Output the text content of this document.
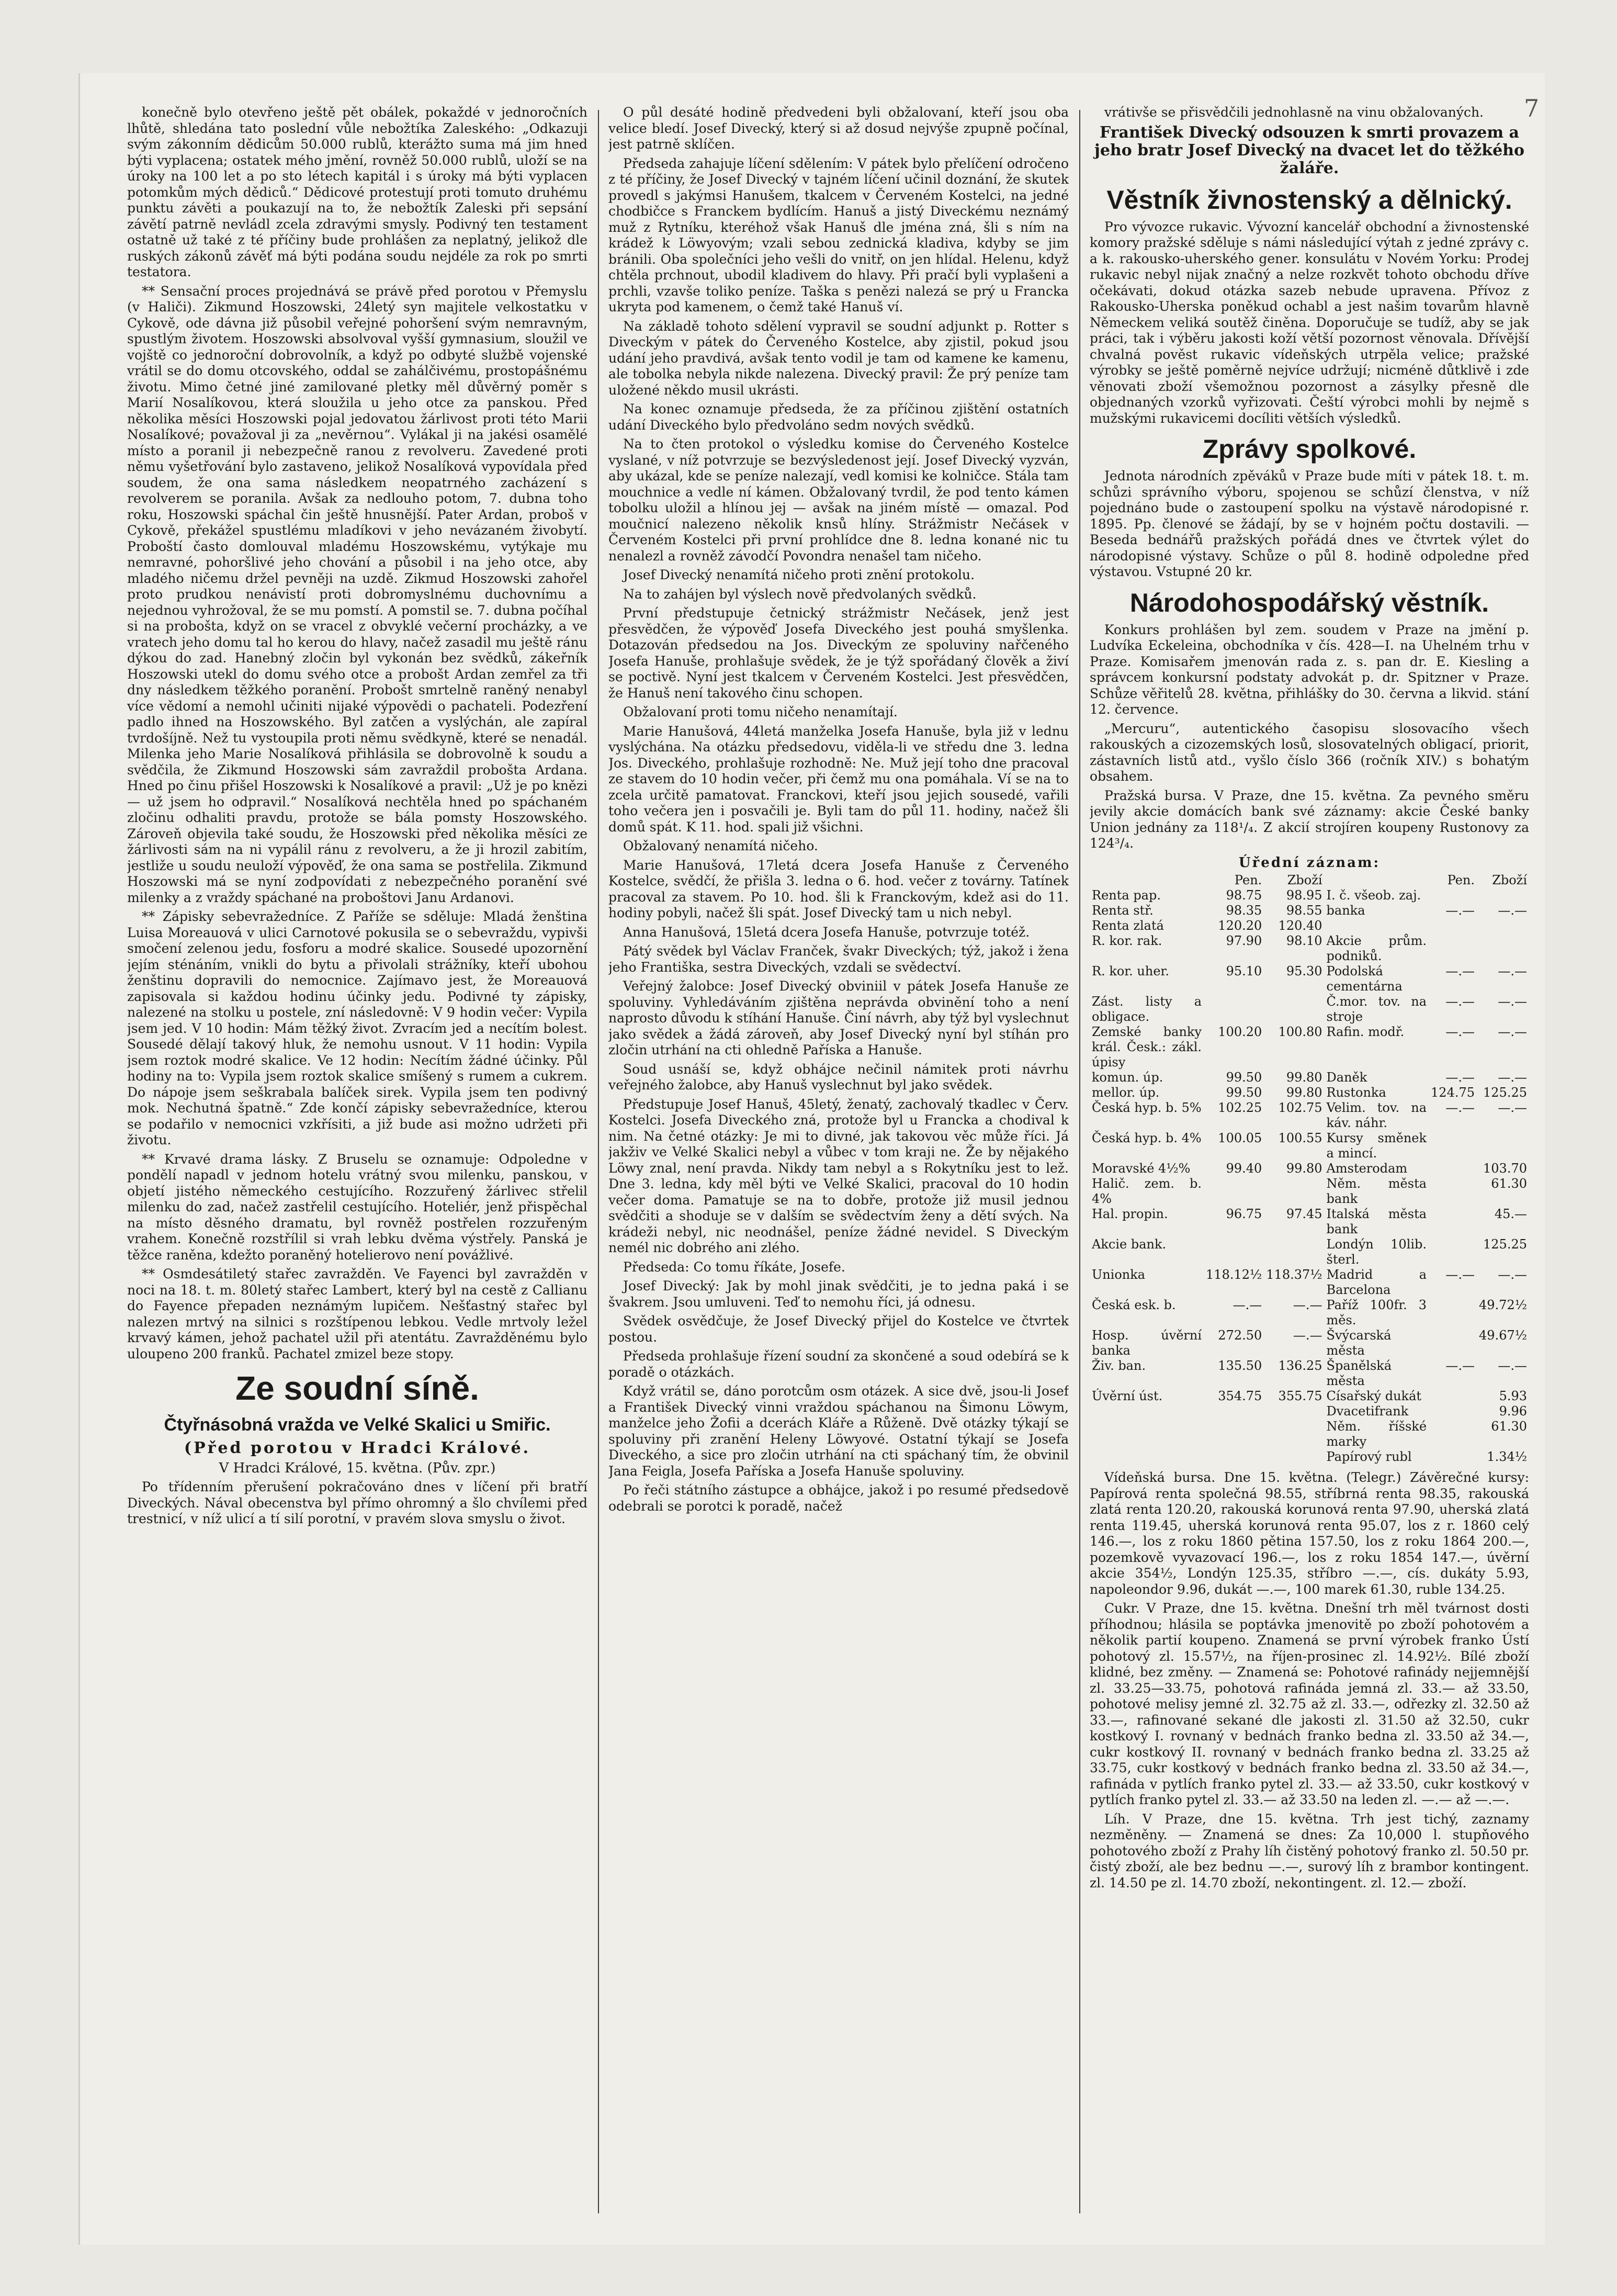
7

konečně bylo otevřeno ještě pět obálek, pokaždé v jednoročních lhůtě, shledána tato poslední vůle nebožtíka Zaleského: „Odkazuji svým zákonním dědicům 50.000 rublů, kterážto suma má jim hned býti vyplacena; ostatek mého jmění, rovněž 50.000 rublů, uloží se na úroky na 100 let a po sto létech kapitál i s úroky má býti vyplacen potomkům mých dědiců.“ Dědicové protestují proti tomuto druhému punktu závěti a poukazují na to, že nebožtík Zaleski při sepsání závětí patrně nevládl zcela zdravými smysly. Podivný ten testament ostatně už také z té příčiny bude prohlášen za neplatný, jelikož dle ruských zákonů závěť má býti podána soudu nejdéle za rok po smrti testatora.

** Sensační proces projednává se právě před porotou v Přemyslu (v Haliči). Zikmund Hoszowski, 24letý syn majitele velkostatku v Cykově, ode dávna již působil veřejné pohoršení svým nemravným, spustlým životem. Hoszowski absolvoval vyšší gymnasium, sloužil ve vojště co jednoroční dobrovolník, a když po odbyté službě vojenské vrátil se do domu otcovského, oddal se zahálčivému, prostopášnému životu. Mimo četné jiné zamilované pletky měl důvěrný poměr s Marií Nosalíkovou, která sloužila u jeho otce za panskou. Před několika měsíci Hoszowski pojal jedovatou žárlivost proti této Marii Nosalíkové; považoval ji za „nevěrnou“. Vylákal ji na jakési osamělé místo a poranil ji nebezpečně ranou z revolveru. Zavedené proti němu vyšetřování bylo zastaveno, jelikož Nosalíková vypovídala před soudem, že ona sama následkem neopatrného zacházení s revolverem se poranila. Avšak za nedlouho potom, 7. dubna toho roku, Hoszowski spáchal čin ještě hnusnější. Pater Ardan, proboš v Cykově, překážel spustlému mladíkovi v jeho nevázaném živobytí. Proboští často domlouval mladému Hoszowskému, vytýkaje mu nemravné, pohoršlivé jeho chování a působil i na jeho otce, aby mladého ničemu držel pevněji na uzdě. Zikmud Hoszowski zahořel proto prudkou nenávistí proti dobromyslnému duchovnímu a nejednou vyhrožoval, že se mu pomstí. A pomstil se. 7. dubna počíhal si na probošta, když on se vracel z obvyklé večerní procházky, a ve vratech jeho domu tal ho kerou do hlavy, načež zasadil mu ještě ránu dýkou do zad. Hanebný zločin byl vykonán bez svědků, zákeřník Hoszowski utekl do domu svého otce a probošt Ardan zemřel za tři dny následkem těžkého poranění. Probošt smrtelně raněný nenabyl více vědomí a nemohl učiniti nijaké výpovědi o pachateli. Podezření padlo ihned na Hoszowského. Byl zatčen a vyslýchán, ale zapíral tvrdošíjně. Než tu vystoupila proti němu svědkyně, které se nenadál. Milenka jeho Marie Nosalíková přihlásila se dobrovolně k soudu a svědčila, že Zikmund Hoszowski sám zavraždil probošta Ardana. Hned po činu přišel Hoszowski k Nosalíkové a pravil: „Už je po knězi — už jsem ho odpravil.“ Nosalíková nechtěla hned po spáchaném zločinu odhaliti pravdu, protože se bála pomsty Hoszowského. Zároveň objevila také soudu, že Hoszowski před několika měsíci ze žárlivosti sám na ni vypálil ránu z revolveru, a že ji hrozil zabitím, jestliže u soudu neuloží výpověď, že ona sama se postřelila. Zikmund Hoszowski má se nyní zodpovídati z nebezpečného poranění své milenky a z vraždy spáchané na proboštovi Janu Ardanovi.

** Zápisky sebevražedníce. Z Paříže se sděluje: Mladá ženština Luisa Moreauová v ulici Carnotové pokusila se o sebevraždu, vypivši smočení zelenou jedu, fosforu a modré skalice. Sousedé upozornění jejím sténáním, vnikli do bytu a přivolali strážníky, kteří ubohou ženštinu dopravili do nemocnice. Zajímavo jest, že Moreauová zapisovala si každou hodinu účinky jedu. Podivné ty zápisky, nalezené na stolku u postele, zní následovně: V 9 hodin večer: Vypila jsem jed. V 10 hodin: Mám těžký život. Zvracím jed a necítím bolest. Sousedé dělají takový hluk, že nemohu usnout. V 11 hodin: Vypila jsem roztok modré skalice. Ve 12 hodin: Necítím žádné účinky. Půl hodiny na to: Vypila jsem roztok skalice smíšený s rumem a cukrem. Do nápoje jsem seškrabala balíček sirek. Vypila jsem ten podivný mok. Nechutná špatně.“ Zde končí zápisky sebevražedníce, kterou se podařilo v nemocnici vzkřísiti, a již bude asi možno udržeti při životu.

** Krvavé drama lásky. Z Bruselu se oznamuje: Odpoledne v pondělí napadl v jednom hotelu vrátný svou milenku, panskou, v objetí jistého německého cestujícího. Rozzuřený žárlivec střelil milenku do zad, načež zastřelil cestujícího. Hoteliér, jenž přispěchal na místo děsného dramatu, byl rovněž postřelen rozzuřeným vrahem. Konečně rozstřílil si vrah lebku dvěma výstřely. Panská je těžce raněna, kdežto poraněný hotelierovo není povážlivé.

** Osmdesátiletý stařec zavražděn. Ve Fayenci byl zavražděn v noci na 18. t. m. 80letý stařec Lambert, který byl na cestě z Callianu do Fayence přepaden neznámým lupičem. Nešťastný stařec byl nalezen mrtvý na silnici s rozštípenou lebkou. Vedle mrtvoly ležel krvavý kámen, jehož pachatel užil při atentátu. Zavražděnému bylo uloupeno 200 franků. Pachatel zmizel beze stopy.

Ze soudní síně.
Čtyřnásobná vražda ve Velké Skalici u Smiřic.
(Před porotou v Hradci Králové.
V Hradci Králové, 15. května. (Pův. zpr.)

Po třídenním přerušení pokračováno dnes v líčení při bratří Diveckých. Nával obecenstva byl přímo ohromný a šlo chvílemi před trestnicí, v níž ulicí a tí silí porotní, v pravém slova smyslu o život.

O půl desáté hodině předvedeni byli obžalovaní, kteří jsou oba velice bledí. Josef Divecký, který si až dosud nejvýše zpupně počínal, jest patrně sklíčen.

Předseda zahajuje líčení sdělením: V pátek bylo přelíčení odročeno z té příčiny, že Josef Divecký v tajném líčení učinil doznání, že skutek provedl s jakýmsi Hanušem, tkalcem v Červeném Kostelci, na jedné chodbičce s Franckem bydlícím. Hanuš a jistý Diveckému neznámý muž z Rytníku, kteréhož však Hanuš dle jména zná, šli s ním na krádež k Löwyovým; vzali sebou zednická kladiva, kdyby se jim bránili. Oba společníci jeho vešli do vnitř, on jen hlídal. Helenu, když chtěla prchnout, ubodil kladivem do hlavy. Při pračí byli vyplašeni a prchli, vzavše toliko peníze. Taška s penězi nalezá se prý u Francka ukryta pod kamenem, o čemž také Hanuš ví.

Na základě tohoto sdělení vypravil se soudní adjunkt p. Rotter s Diveckým v pátek do Červeného Kostelce, aby zjistil, pokud jsou udání jeho pravdivá, avšak tento vodil je tam od kamene ke kamenu, ale tobolka nebyla nikde nalezena. Divecký pravil: Že prý peníze tam uložené někdo musil ukrásti.

Na konec oznamuje předseda, že za příčinou zjištění ostatních udání Diveckého bylo předvoláno sedm nových svědků.

Na to čten protokol o výsledku komise do Červeného Kostelce vyslané, v níž potvrzuje se bezvýsledenost její. Josef Divecký vyzván, aby ukázal, kde se peníze nalezají, vedl komisi ke kolničce. Stála tam mouchnice a vedle ní kámen. Obžalovaný tvrdil, že pod tento kámen tobolku uložil a hlínou jej — avšak na jiném místě — omazal. Pod moučnicí nalezeno několik knsů hlíny. Strážmistr Nečásek v Červeném Kostelci při první prohlídce dne 8. ledna konané nic tu nenalezl a rovněž závodčí Povondra nenašel tam ničeho.

Josef Divecký nenamítá ničeho proti znění protokolu.

Na to zahájen byl výslech nově předvolaných svědků.

První předstupuje četnický strážmistr Nečásek, jenž jest přesvědčen, že výpověď Josefa Diveckého jest pouhá smyšlenka. Dotazován předsedou na Jos. Diveckým ze spoluviny nařčeného Josefa Hanuše, prohlašuje svědek, že je týž spořádaný člověk a živí se poctivě. Nyní jest tkalcem v Červeném Kostelci. Jest přesvědčen, že Hanuš není takového činu schopen.

Obžalovaní proti tomu ničeho nenamítají.

Marie Hanušová, 44letá manželka Josefa Hanuše, byla již v lednu vyslýchána. Na otázku předsedovu, viděla-li ve středu dne 3. ledna Jos. Diveckého, prohlašuje rozhodně: Ne. Muž její toho dne pracoval ze stavem do 10 hodin večer, při čemž mu ona pomáhala. Ví se na to zcela určitě pamatovat. Franckovi, kteří jsou jejich sousedé, vařili toho večera jen i posvačili je. Byli tam do půl 11. hodiny, načež šli domů spát. K 11. hod. spali již všichni.

Obžalovaný nenamítá ničeho.

Marie Hanušová, 17letá dcera Josefa Hanuše z Červeného Kostelce, svědčí, že přišla 3. ledna o 6. hod. večer z továrny. Tatínek pracoval za stavem. Po 10. hod. šli k Franckovým, kdež asi do 11. hodiny pobyli, načež šli spát. Josef Divecký tam u nich nebyl.

Anna Hanušová, 15letá dcera Josefa Hanuše, potvrzuje totéž.

Pátý svědek byl Václav Franček, švakr Diveckých; týž, jakož i žena jeho Františka, sestra Diveckých, vzdali se svědectví.

Veřejný žalobce: Josef Divecký obviniil v pátek Josefa Hanuše ze spoluviny. Vyhledáváním zjištěna neprávda obvinění toho a není naprosto důvodu k stíhání Hanuše. Činí návrh, aby týž byl vyslechnut jako svědek a žádá zároveň, aby Josef Divecký nyní byl stíhán pro zločin utrhání na cti ohledně Paříska a Hanuše.

Soud usnáší se, když obhájce nečinil námitek proti návrhu veřejného žalobce, aby Hanuš vyslechnut byl jako svědek.

Předstupuje Josef Hanuš, 45letý, ženatý, zachovalý tkadlec v Červ. Kostelci. Josefa Diveckého zná, protože byl u Francka a chodival k nim. Na četné otázky: Je mi to divné, jak takovou věc může říci. Já jakživ ve Velké Skalici nebyl a vůbec v tom kraji ne. Že by nějakého Löwy znal, není pravda. Nikdy tam nebyl a s Rokytníku jest to lež. Dne 3. ledna, kdy měl býti ve Velké Skalici, pracoval do 10 hodin večer doma. Pamatuje se na to dobře, protože již musil jednou svědčiti a shoduje se v dalším se svědectvím ženy a dětí svých. Na krádeži nebyl, nic neodnášel, peníze žádné nevidel. S Diveckým nemél nic dobrého ani zlého.

Předseda: Co tomu říkáte, Josefe.

Josef Divecký: Jak by mohl jinak svědčiti, je to jedna paká i se švakrem. Jsou umluveni. Teď to nemohu říci, já odnesu.

Svědek osvědčuje, že Josef Divecký přijel do Kostelce ve čtvrtek postou.

Předseda prohlašuje řízení soudní za skončené a soud odebírá se k poradě o otázkách.

Když vrátil se, dáno porotcům osm otázek. A sice dvě, jsou-li Josef a František Divecký vinni vraždou spáchanou na Šimonu Löwym, manželce jeho Žofii a dcerách Kláře a Růženě. Dvě otázky týkají se spoluviny při zranění Heleny Löwyové. Ostatní týkají se Josefa Diveckého, a sice pro zločin utrhání na cti spáchaný tím, že obvinil Jana Feigla, Josefa Paříska a Josefa Hanuše spoluviny.

Po řeči státního zástupce a obhájce, jakož i po resumé předsedově odebrali se porotci k poradě, načež

vrátivše se přisvědčili jednohlasně na vinu obžalovaných.

František Divecký odsouzen k smrti provazem a jeho bratr Josef Divecký na dvacet let do těžkého žaláře.
Věstník živnostenský a dělnický.

Pro vývozce rukavic. Vývozní kancelář obchodní a živnostenské komory pražské sděluje s námi následující výtah z jedné zprávy c. a k. rakousko-uherského gener. konsulátu v Novém Yorku: Prodej rukavic nebyl nijak značný a nelze rozkvět tohoto obchodu dříve očekávati, dokud otázka sazeb nebude upravena. Přívoz z Rakousko-Uherska poněkud ochabl a jest našim tovarům hlavně Německem veliká soutěž činěna. Doporučuje se tudíž, aby se jak práci, tak i výběru jakosti koží větší pozornost věnovala. Dřívější chvalná pověst rukavic vídeňských utrpěla velice; pražské výrobky se ještě poměrně nejvíce udržují; nicméně důtklivě i zde věnovati zboží všemožnou pozornost a zásylky přesně dle objednaných vzorků vyřizovati. Čeští výrobci mohli by nejmě s mužskými rukavicemi docíliti větších výsledků.

Zprávy spolkové.

Jednota národních zpěváků v Praze bude míti v pátek 18. t. m. schůzi správního výboru, spojenou se schůzí členstva, v níž pojednáno bude o zastoupení spolku na výstavě národopisné r. 1895. Pp. členové se žádají, by se v hojném počtu dostavili. — Beseda bednářů pražských pořádá dnes ve čtvrtek výlet do národopisné výstavy. Schůze o půl 8. hodině odpoledne před výstavou. Vstupné 20 kr.

Národohospodářský věstník.

Konkurs prohlášen byl zem. soudem v Praze na jmění p. Ludvíka Eckeleina, obchodníka v čís. 428—I. na Uhelném trhu v Praze. Komisařem jmenován rada z. s. pan dr. E. Kiesling a správcem konkursní podstaty advokát p. dr. Spitzner v Praze. Schůze věřitelů 28. května, přihlášky do 30. června a likvid. stání 12. července.

„Mercuru“, autentického časopisu slosovacího všech rakouských a cizozemských losů, slosovatelných obligací, priorit, zástavních listů atd., vyšlo číslo 366 (ročník XIV.) s bohatým obsahem.

Pražská bursa. V Praze, dne 15. května. Za pevného směru jevily akcie domácích bank své záznamy: akcie České banky Union jednány za 118¹/₄. Z akcií strojíren koupeny Rustonovy za 124³/₄.

Úřední záznam:
	Pen.	Zboží		Pen.	Zboží
Renta pap.	98.75	98.95	I. č. všeob. zaj.		
Renta stř.	98.35	98.55	banka	—.—	—.—
Renta zlatá	120.20	120.40			
R. kor. rak.	97.90	98.10	Akcie prům. podniků.		
R. kor. uher.	95.10	95.30	Podolská cementárna	—.—	—.—
Zást. listy a obligace.			Č.mor. tov. na stroje	—.—	—.—
Zemské banky král. Česk.: zákl. úpisy	100.20	100.80	Rafin. modř.	—.—	—.—
komun. úp.	99.50	99.80	Daněk	—.—	—.—
mellor. úp.	99.50	99.80	Rustonka	124.75	125.25
Česká hyp. b. 5%	102.25	102.75	Velim. tov. na káv. náhr.	—.—	—.—
Česká hyp. b. 4%	100.05	100.55	Kursy směnek a mincí.		
Moravské 4½%	99.40	99.80	Amsterodam		103.70
Halič. zem. b. 4%			Něm. města bank		61.30
Hal. propin.	96.75	97.45	Italská města bank		45.—
Akcie bank.			Londýn 10lib. šterl.		125.25
Unionka	118.12½	118.37½	Madrid a Barcelona	—.—	—.—
Česká esk. b.	—.—	—.—	Paříž 100fr. 3 měs.		49.72½
Hosp. úvěrní banka	272.50	—.—	Švýcarská města		49.67½
Živ. ban.	135.50	136.25	Španělská města	—.—	—.—
Úvěrní úst.	354.75	355.75	Císařský dukát		5.93
			Dvacetifrank		9.96
			Něm. říšské marky		61.30
			Papírový rubl		1.34½

Vídeňská bursa. Dne 15. května. (Telegr.) Závěrečné kursy: Papírová renta společná 98.55, stříbrná renta 98.35, rakouská zlatá renta 120.20, rakouská korunová renta 97.90, uherská zlatá renta 119.45, uherská korunová renta 95.07, los z r. 1860 celý 146.—, los z roku 1860 pětina 157.50, los z roku 1864 200.—, pozemkově vyvazovací 196.—, los z roku 1854 147.—, úvěrní akcie 354½, Londýn 125.35, stříbro —.—, cís. dukáty 5.93, napoleondor 9.96, dukát —.—, 100 marek 61.30, ruble 134.25.

Cukr. V Praze, dne 15. května. Dnešní trh měl tvárnost dosti příhodnou; hlásila se poptávka jmenovitě po zboží pohotovém a několik partií koupeno. Znamená se první výrobek franko Ústí pohotový zl. 15.57½, na říjen-prosinec zl. 14.92½. Bílé zboží klidné, bez změny. — Znamená se: Pohotové rafinády nejjemnější zl. 33.25—33.75, pohotová rafináda jemná zl. 33.— až 33.50, pohotové melisy jemné zl. 32.75 až zl. 33.—, odřezky zl. 32.50 až 33.—, rafinované sekané dle jakosti zl. 31.50 až 32.50, cukr kostkový I. rovnaný v bednách franko bedna zl. 33.50 až 34.—, cukr kostkový II. rovnaný v bednách franko bedna zl. 33.25 až 33.75, cukr kostkový v bednách franko bedna zl. 33.50 až 34.—, rafináda v pytlích franko pytel zl. 33.— až 33.50, cukr kostkový v pytlích franko pytel zl. 33.— až 33.50 na leden zl. —.— až —.—.

Líh. V Praze, dne 15. května. Trh jest tichý, zaznamy nezměněny. — Znamená se dnes: Za 10,000 l. stupňového pohotového zboží z Prahy líh čistěný pohotový franko zl. 50.50 pr. čistý zboží, ale bez bednu —.—, surový líh z brambor kontingent. zl. 14.50 pe zl. 14.70 zboží, nekontingent. zl. 12.— zboží.
